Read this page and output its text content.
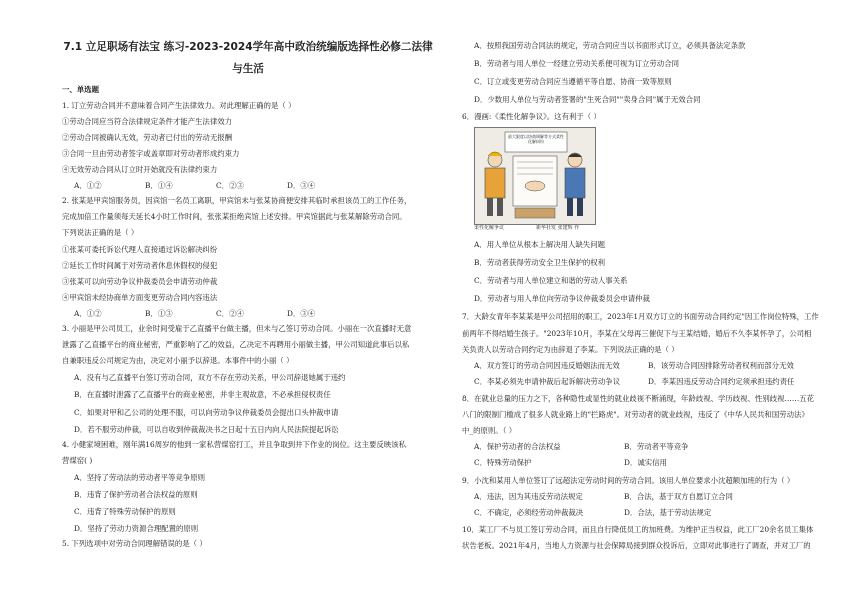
7.1 立足职场有法宝 练习-2023-2024学年高中政治统编版选择性必修二法律与生活
一、单选题

1. 订立劳动合同并不意味着合同产生法律效力。对此理解正确的是（ ）

①劳动合同应当符合法律规定条件才能产生法律效力

②劳动合同被确认无效，劳动者已付出的劳动无报酬

③合同一旦由劳动者签字或盖章即对劳动者形成约束力

④无效劳动合同从订立时开始就没有法律约束力

A．①②	B．①④	C．②③	D．③④

2. 张某是甲宾馆服务员，因宾馆一名员工离职，甲宾馆未与张某协商便安排其临时承担该员工的工作任务，

完成加倍工作量须每天延长4小时工作时间，张张某拒绝宾馆上述安排。甲宾馆据此与张某解除劳动合同。

下列说法正确的是（ ）

①张某可委托诉讼代理人直接通过诉讼解决纠纷

②延长工作时间属于对劳动者休息休假权的侵犯

③张某可以向劳动争议仲裁委员会申请劳动仲裁

④甲宾馆未经协商单方面变更劳动合同内容违法

A．①②	B．①③	C．②④	D．③④

3. 小丽是甲公司员工，业余时间受雇于乙直播平台做主播，但未与乙签订劳动合同。小丽在一次直播时无意

泄露了乙直播平台的商业秘密，严重影响了乙的效益，乙决定不再聘用小丽做主播，甲公司知道此事后以私

自兼职违反公司规定为由，决定对小丽予以辞退。本事件中的小丽（ ）

A．没有与乙直播平台签订劳动合同，双方不存在劳动关系，甲公司辞退她属于违约

B．在直播时泄露了乙直播平台的商业秘密，并非主观故意，不必承担侵权责任

C．如果对甲和乙公司的处理不服，可以向劳动争议仲裁委员会提出口头仲裁申请

D．若不服劳动仲裁，可以自收到仲裁裁决书之日起十五日内向人民法院提起诉讼

4. 小健家境困难，刚年满16周岁的他到一家私营煤窑打工，并且争取到井下作业的岗位。这主要反映该私

营煤窑( )

A．坚持了劳动法的劳动者平等竞争原则

B．违背了保护劳动者合法权益的原则

C．违背了特殊劳动保护的原则

D．坚持了劳动力资源合理配置的原则

5. 下列选项中对劳动合同理解错误的是（ ）

A．按照我国劳动合同法的规定，劳动合同应当以书面形式订立，必须具备法定条款

B．劳动者与用人单位一经建立劳动关系便可视为订立劳动合同

C．订立或变更劳动合同应当遵循平等自愿、协商一致等原则

D．少数用人单位与劳动者签署的"生死合同""卖身合同"属于无效合同

6．漫画:《柔性化解争议》。这有利于（ ）

最大限度以协商调解等方式柔性化解纠纷
柔性化解争议	新华社发 张建辉 作

A．用人单位从根本上解决用人缺失问题

B．劳动者获得劳动安全卫生保护的权利

C．劳动者与用人单位建立和谐的劳动人事关系

D．劳动者与用人单位向劳动争议仲裁委员会申请仲裁

7．大龄女青年李某某是甲公司招用的职工，2023年1月双方订立的书面劳动合同约定"因工作岗位特殊，工作

前两年不得结婚生孩子。"2023年10月，李某在父母再三催促下与王某结婚，婚后不久李某怀孕了，公司相

关负责人以劳动合同约定为由辞退了李某。下列说法正确的是（ ）

A．双方签订的劳动合同因违反婚姻法而无效	B．该劳动合同因排除劳动者权利而部分无效
C．李某必须先申请仲裁后起诉解决劳动争议	D．李某因违反劳动合同约定须承担违约责任

8．在就业总量的压力之下，各种隐性或显性的就业歧视不断涌现，年龄歧视、学历歧视、性别歧视……五花

八门的限制门槛成了很多人就业路上的"拦路虎"。对劳动者的就业歧视，违反了《中华人民共和国劳动法》

中_的原则。（ ）

A．保护劳动者的合法权益	B．劳动者平等竞争
C．特殊劳动保护	D．诚实信用

9．小沈和某用人单位签订了远超法定劳动时间的劳动合同。该用人单位要求小沈超额加班的行为（ ）

A．违法，因为其违反劳动法规定	B．合法，基于双方自愿订立合同
C．不确定，必须经劳动仲裁裁决	D．合法，基于劳动法规定

10．某工厂不与员工签订劳动合同，而且自行降低员工的加班费。为维护正当权益，此工厂20余名员工集体

状告老板。2021年4月，当地人力资源与社会保障局接到群众投诉后，立即对此事进行了调查，并对工厂的
